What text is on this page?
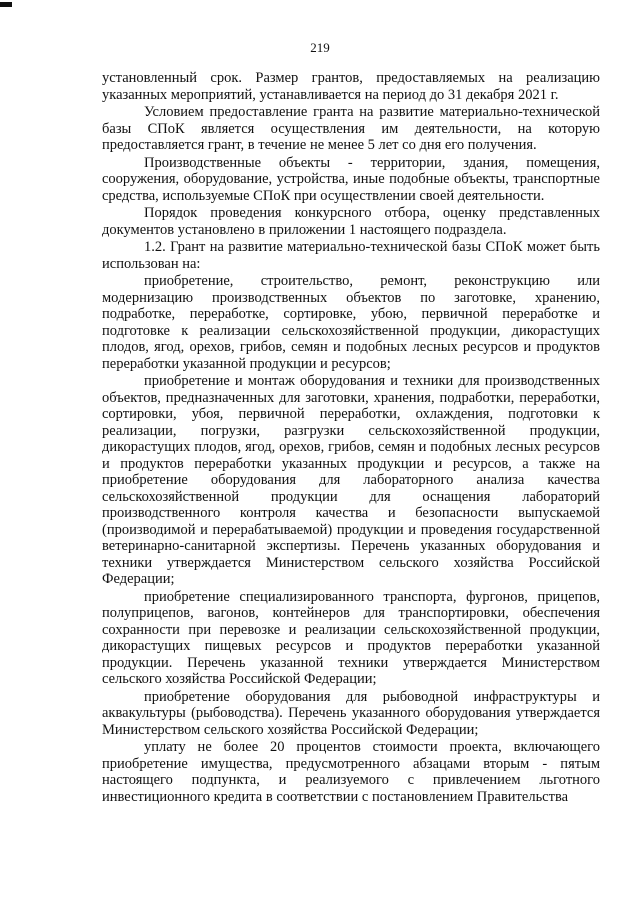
219

установленный срок. Размер грантов, предоставляемых на реализацию указанных мероприятий, устанавливается на период до 31 декабря 2021 г.

Условием предоставление гранта на развитие материально-технической базы СПоК является осуществления им деятельности, на которую предоставляется грант, в течение не менее 5 лет со дня его получения.

Производственные объекты - территории, здания, помещения, сооружения, оборудование, устройства, иные подобные объекты, транспортные средства, используемые СПоК при осуществлении своей деятельности.

Порядок проведения конкурсного отбора, оценку представленных документов установлено в приложении 1 настоящего подраздела.

1.2. Грант на развитие материально-технической базы СПоК может быть использован на:

приобретение, строительство, ремонт, реконструкцию или модернизацию производственных объектов по заготовке, хранению, подработке, переработке, сортировке, убою, первичной переработке и подготовке к реализации сельскохозяйственной продукции, дикорастущих плодов, ягод, орехов, грибов, семян и подобных лесных ресурсов и продуктов переработки указанной продукции и ресурсов;

приобретение и монтаж оборудования и техники для производственных объектов, предназначенных для заготовки, хранения, подработки, переработки, сортировки, убоя, первичной переработки, охлаждения, подготовки к реализации, погрузки, разгрузки сельскохозяйственной продукции, дикорастущих плодов, ягод, орехов, грибов, семян и подобных лесных ресурсов и продуктов переработки указанных продукции и ресурсов, а также на приобретение оборудования для лабораторного анализа качества сельскохозяйственной продукции для оснащения лабораторий производственного контроля качества и безопасности выпускаемой (производимой и перерабатываемой) продукции и проведения государственной ветеринарно-санитарной экспертизы. Перечень указанных оборудования и техники утверждается Министерством сельского хозяйства Российской Федерации;

приобретение специализированного транспорта, фургонов, прицепов, полуприцепов, вагонов, контейнеров для транспортировки, обеспечения сохранности при перевозке и реализации сельскохозяйственной продукции, дикорастущих пищевых ресурсов и продуктов переработки указанной продукции. Перечень указанной техники утверждается Министерством сельского хозяйства Российской Федерации;

приобретение оборудования для рыбоводной инфраструктуры и аквакультуры (рыбоводства). Перечень указанного оборудования утверждается Министерством сельского хозяйства Российской Федерации;

уплату не более 20 процентов стоимости проекта, включающего приобретение имущества, предусмотренного абзацами вторым - пятым настоящего подпункта, и реализуемого с привлечением льготного инвестиционного кредита в соответствии с постановлением Правительства
